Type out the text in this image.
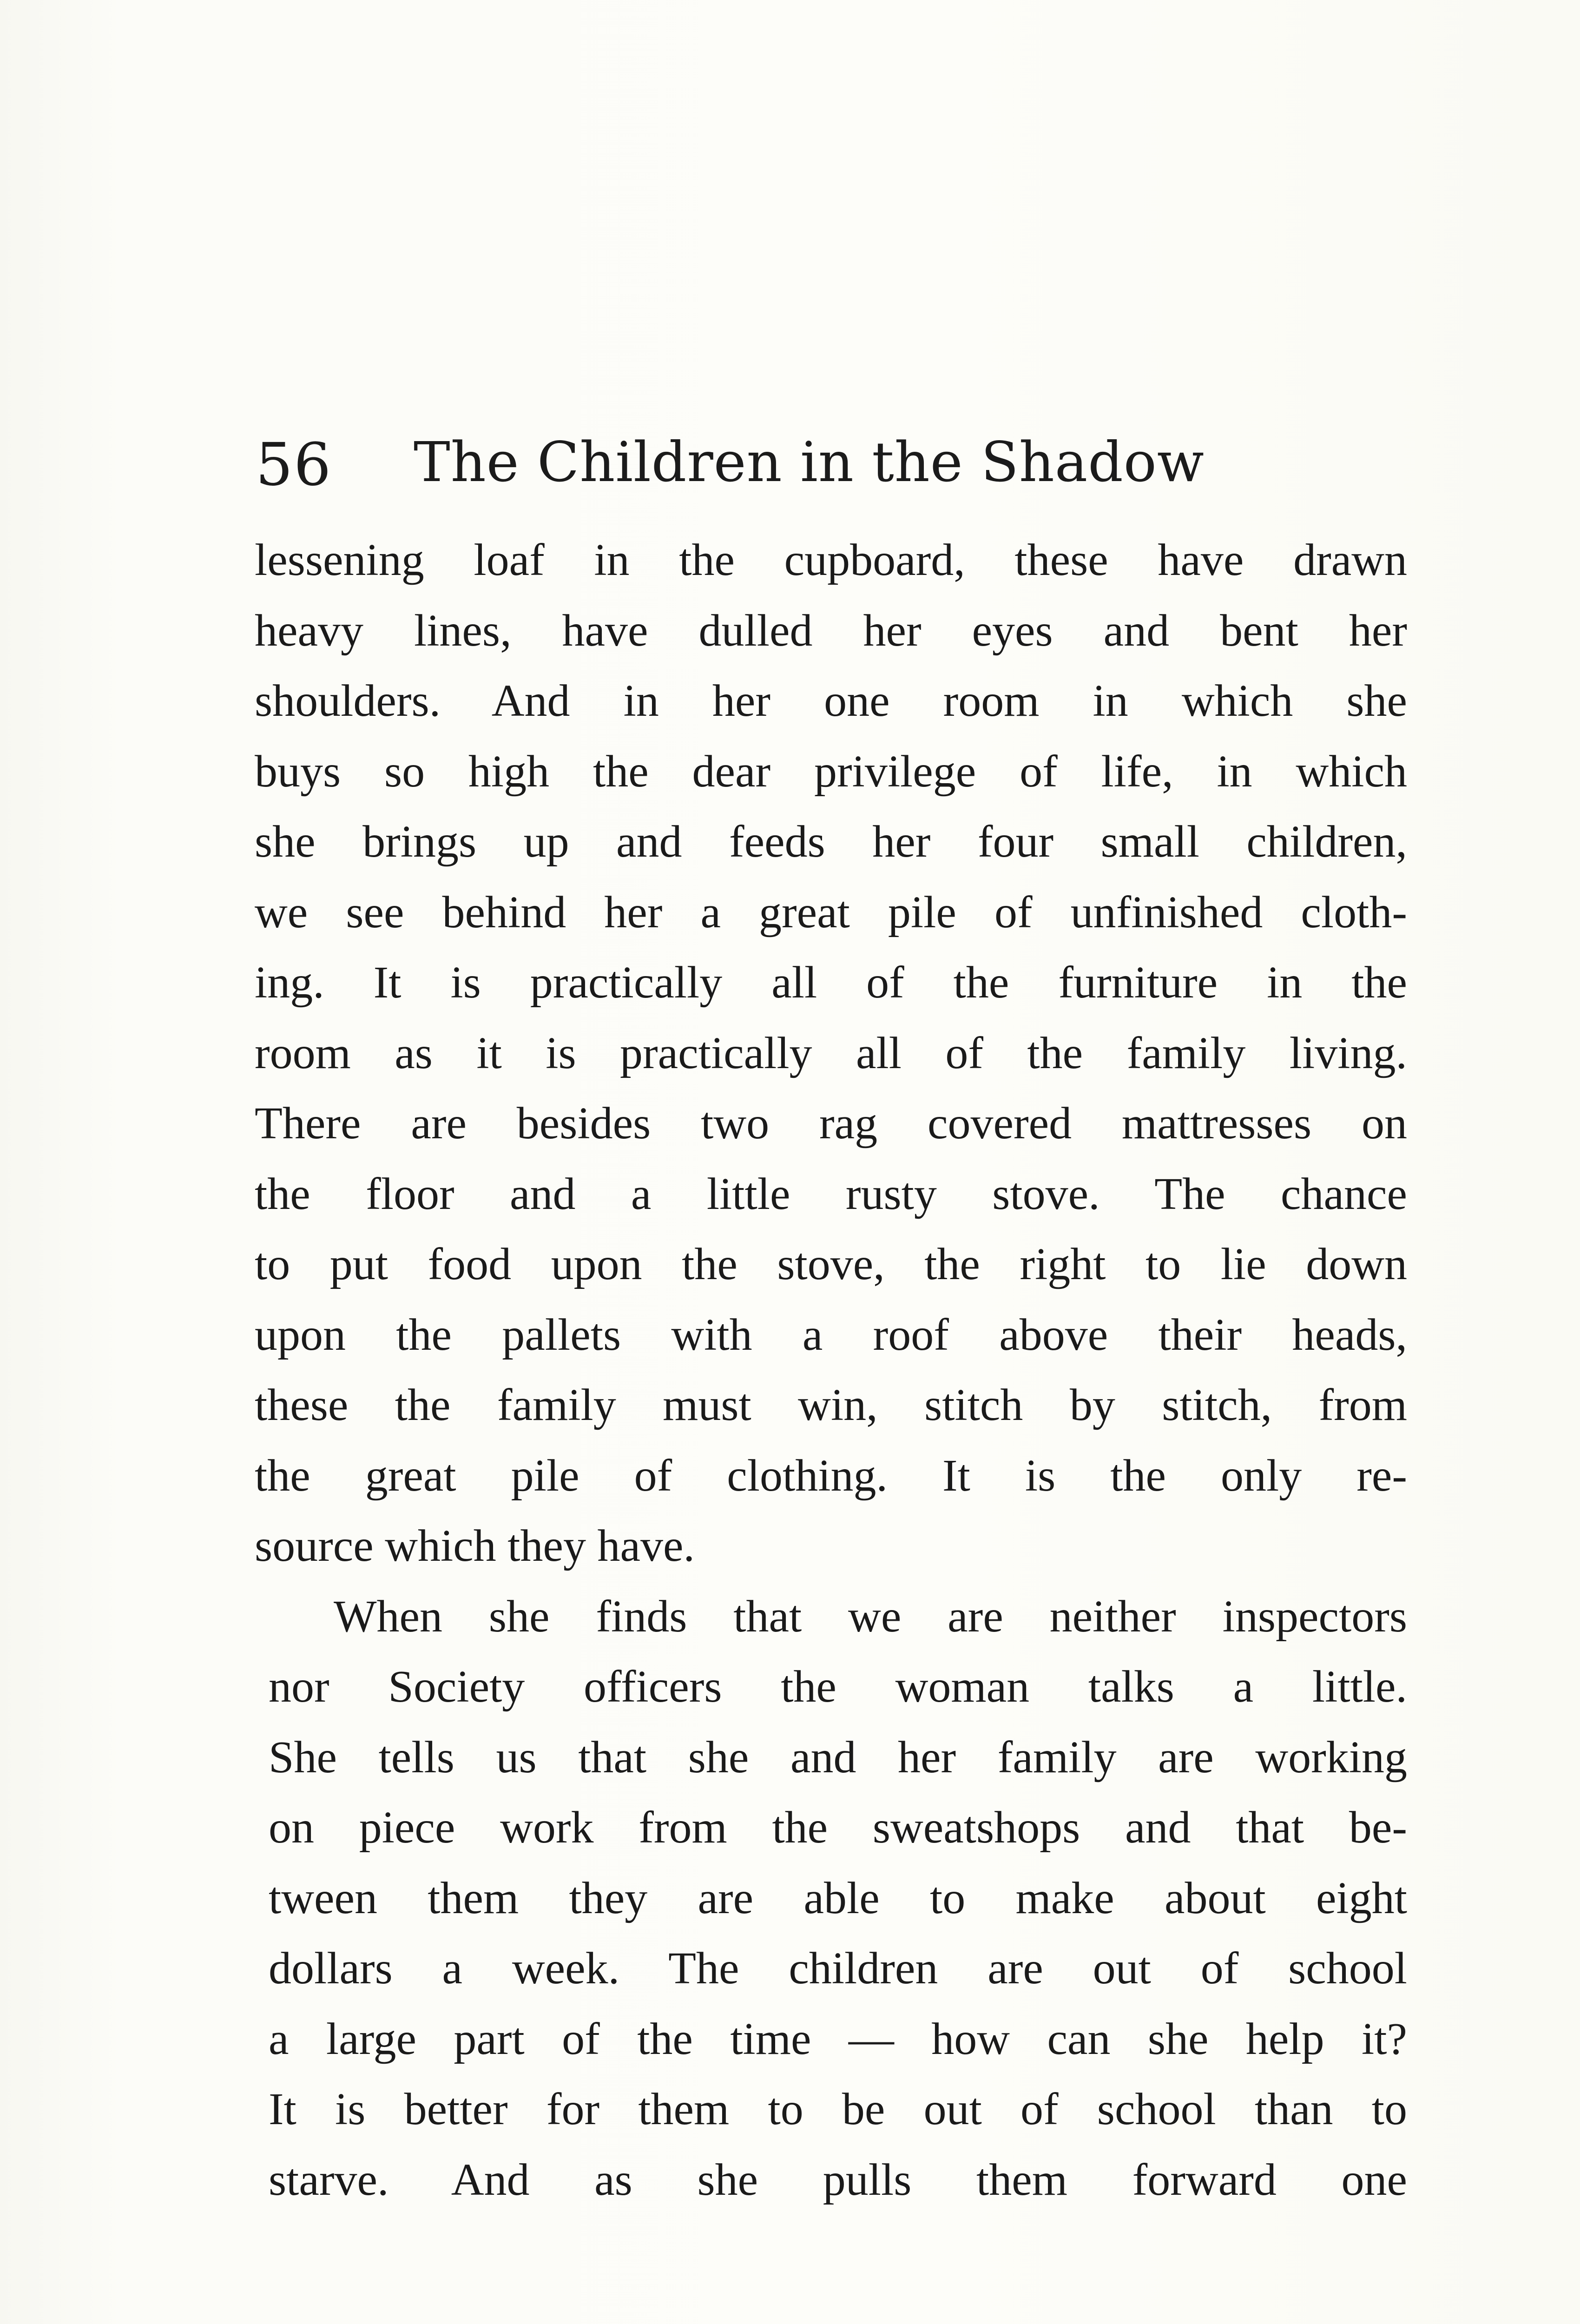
56 The Children in the Shadow
lessening loaf in the cupboard, these have drawn
heavy lines, have dulled her eyes and bent her
shoulders. And in her one room in which she
buys so high the dear privilege of life, in which
she brings up and feeds her four small children,
we see behind her a great pile of unfinished cloth-
ing. It is practically all of the furniture in the
room as it is practically all of the family living.
There are besides two rag covered mattresses on
the floor and a little rusty stove. The chance
to put food upon the stove, the right to lie down
upon the pallets with a roof above their heads,
these the family must win, stitch by stitch, from
the great pile of clothing. It is the only re-
source which they have.
When she finds that we are neither inspectors
nor Society officers the woman talks a little.
She tells us that she and her family are working
on piece work from the sweatshops and that be-
tween them they are able to make about eight
dollars a week. The children are out of school
a large part of the time — how can she help it?
It is better for them to be out of school than to
starve. And as she pulls them forward one
